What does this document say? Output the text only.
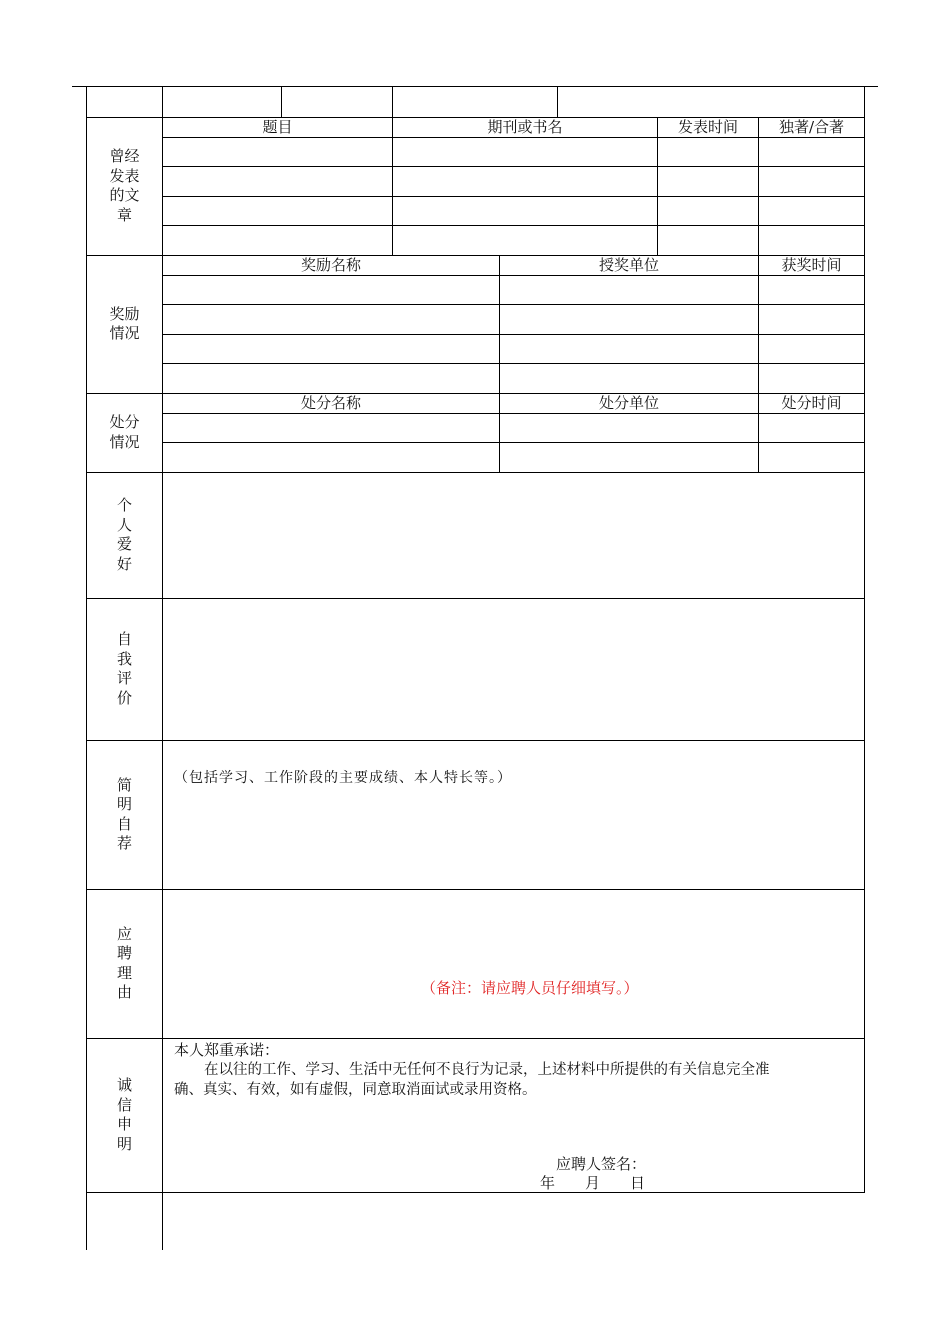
曾经
发表
的文
章
题目	期刊或书名	发表时间	独著/合著
奖励
情况
奖励名称	授奖单位	获奖时间
处分
情况
处分名称	处分单位	处分时间
个
人
爱
好
自
我
评
价
简
明
自
荐
（包括学习、工作阶段的主要成绩、本人特长等。）
应
聘
理
由	（备注：请应聘人员仔细填写。）
诚
信
申
明
本人郑重承诺：
在以往的工作、学习、生活中无任何不良行为记录，上述材料中所提供的有关信息完全准
确、真实、有效，如有虚假，同意取消面试或录用资格。
应聘人签名：
年　　月　　日
